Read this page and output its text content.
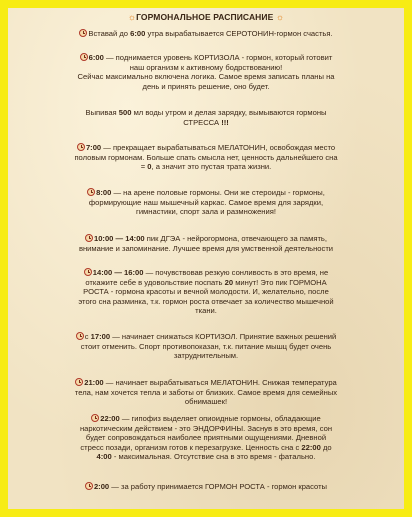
☼ГОРМОНАЛЬНОЕ РАСПИСАНИЕ ☼
Вставай до 6:00 утра вырабатывается СЕРОТОНИН-гормон счастья.
6:00 — поднимается уровень КОРТИЗОЛА - гормон, который готовит
наш организм к активному бодрствованию!
Сейчас максимально включена логика. Самое время записать планы на
день и принять решение, оно будет.
Выпивая 500 мл воды утром и делая зарядку, вымываются гормоны
СТРЕССА !!!
7:00 — прекращает вырабатываться МЕЛАТОНИН, освобождая место
половым гормонам. Больше спать смысла нет, ценность дальнейшего сна
= 0, а значит это пустая трата жизни.
8:00 — на арене половые гормоны. Они же стероиды - гормоны,
формирующие наш мышечный каркас. Самое время для зарядки,
гимнастики, спорт зала и размножения!
10:00 — 14:00 пик ДГЭА - нейрогормона, отвечающего за память,
внимание и запоминание. Лучшее время для умственной деятельности
14:00 — 16:00 — почувствовав резкую сонливость в это время, не
откажите себе в удовольствие поспать 20 минут! Это пик ГОРМОНА
РОСТА - гормона красоты и вечной молодости. И, желательно, после
этого сна разминка, т.к. гормон роста отвечает за количество мышечной
ткани.
с 17:00 — начинает снижаться КОРТИЗОЛ. Принятие важных решений
стоит отменить. Спорт противопоказан, т.к. питание мышц будет очень
затруднительным.
21:00 — начинает вырабатываться МЕЛАТОНИН. Снижая температура
тела, нам хочется тепла и заботы от близких. Самое время для семейных
обнимашек!
22:00 — гипофиз выделяет опиоидные гормоны, обладающие
наркотическим действием - это ЭНДОРФИНЫ. Заснув в это время, сон
будет сопровождаться наиболее приятными ощущениями. Дневной
стресс позади, организм готов к перезагрузке. Ценность сна с 22:00 до
4:00 - максимальная. Отсутствие сна в это время - фатально.
2:00 — за работу принимается ГОРМОН РОСТА - гормон красоты
